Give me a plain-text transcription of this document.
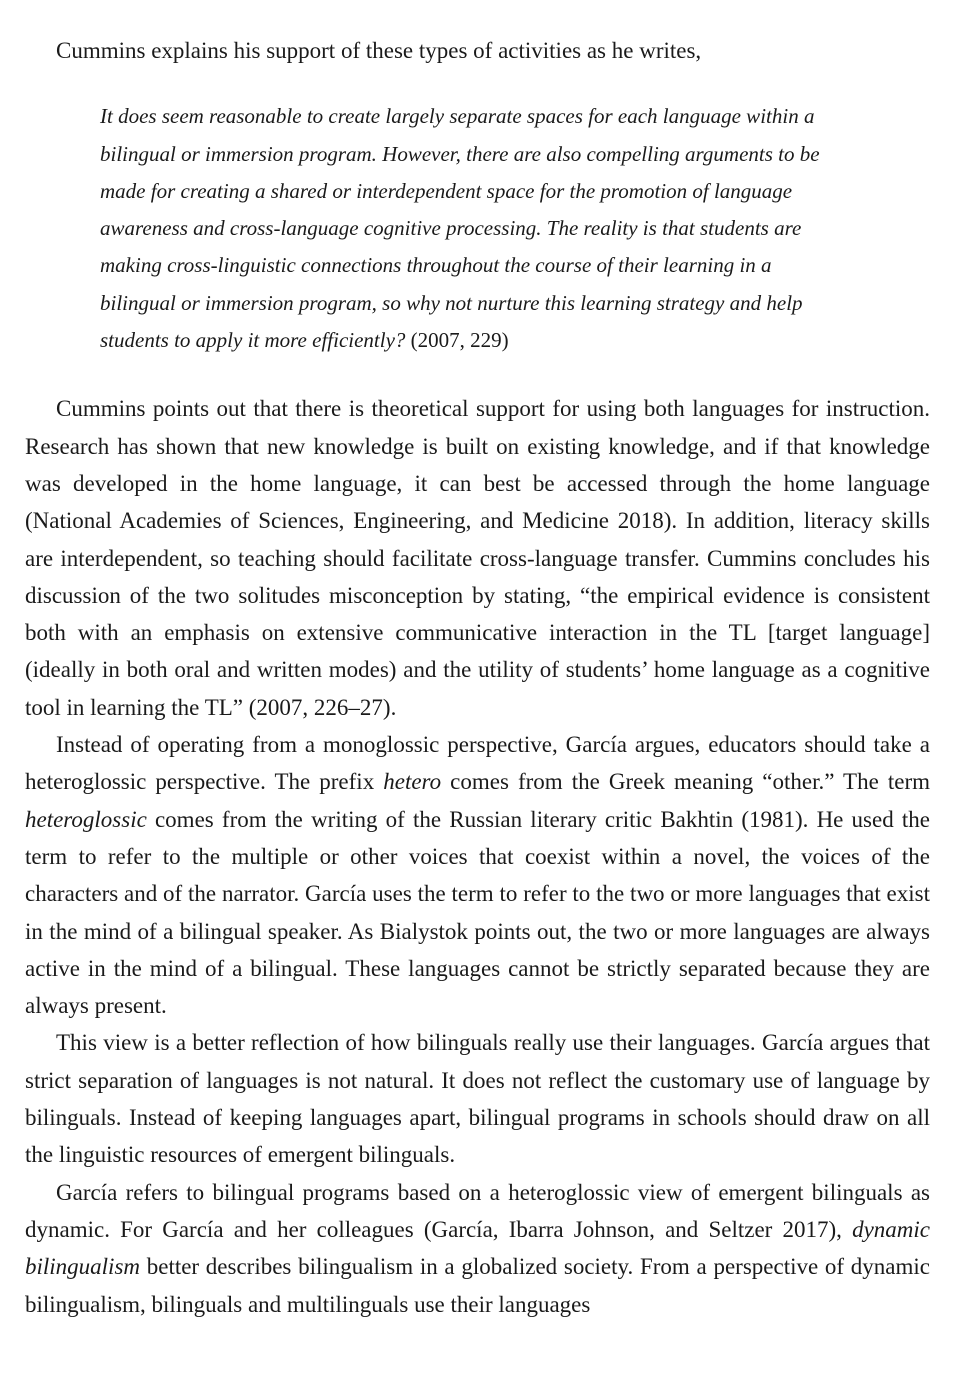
Cummins explains his support of these types of activities as he writes,

It does seem reasonable to create largely separate spaces for each language within a bilingual or immersion program. However, there are also compelling arguments to be made for creating a shared or interdependent space for the promotion of language awareness and cross-language cognitive processing. The reality is that students are making cross-linguistic connections throughout the course of their learning in a bilingual or immersion program, so why not nurture this learning strategy and help students to apply it more efficiently? (2007, 229)

Cummins points out that there is theoretical support for using both languages for instruction. Research has shown that new knowledge is built on existing knowledge, and if that knowledge was developed in the home language, it can best be accessed through the home language (National Academies of Sciences, Engineering, and Medicine 2018). In addition, literacy skills are interdependent, so teaching should facilitate cross-language transfer. Cummins concludes his discussion of the two solitudes misconception by stating, “the empirical evidence is consistent both with an emphasis on extensive communicative interaction in the TL [target language] (ideally in both oral and written modes) and the utility of students’ home language as a cognitive tool in learning the TL” (2007, 226–27).

Instead of operating from a monoglossic perspective, García argues, educators should take a heteroglossic perspective. The prefix hetero comes from the Greek meaning “other.” The term heteroglossic comes from the writing of the Russian literary critic Bakhtin (1981). He used the term to refer to the multiple or other voices that coexist within a novel, the voices of the characters and of the narrator. García uses the term to refer to the two or more languages that exist in the mind of a bilingual speaker. As Bialystok points out, the two or more languages are always active in the mind of a bilingual. These languages cannot be strictly separated because they are always present.

This view is a better reflection of how bilinguals really use their languages. García argues that strict separation of languages is not natural. It does not reflect the customary use of language by bilinguals. Instead of keeping languages apart, bilingual programs in schools should draw on all the linguistic resources of emergent bilinguals.

García refers to bilingual programs based on a heteroglossic view of emergent bilinguals as dynamic. For García and her colleagues (García, Ibarra Johnson, and Seltzer 2017), dynamic bilingualism better describes bilingualism in a globalized society. From a perspective of dynamic bilingualism, bilinguals and multilinguals use their languages
